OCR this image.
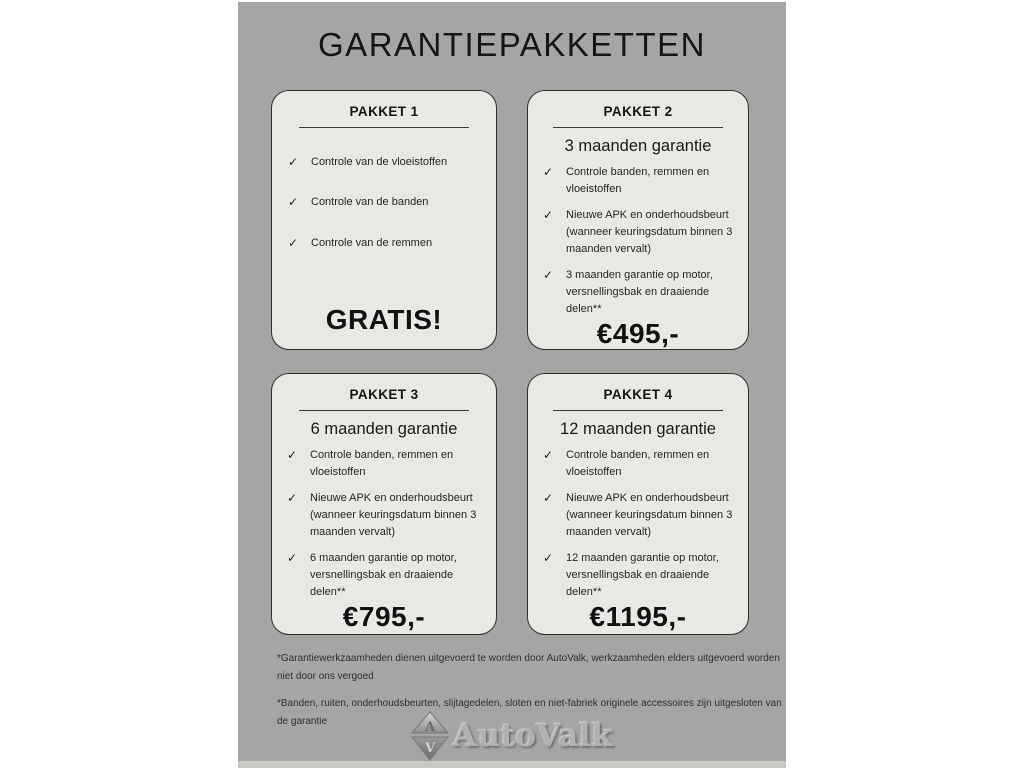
GARANTIEPAKKETTEN
PAKKET 1
✓	Controle van de vloeistoffen
✓	Controle van de banden
✓	Controle van de remmen
GRATIS!
PAKKET 2
3 maanden garantie
✓	Controle banden, remmen en vloeistoffen
✓	Nieuwe APK en onderhoudsbeurt (wanneer keuringsdatum binnen 3 maanden vervalt)
✓	3 maanden garantie op motor, versnellingsbak en draaiende delen**
€495,-
PAKKET 3
6 maanden garantie
✓	Controle banden, remmen en vloeistoffen
✓	Nieuwe APK en onderhoudsbeurt (wanneer keuringsdatum binnen 3 maanden vervalt)
✓	6 maanden garantie op motor, versnellingsbak en draaiende delen**
€795,-
PAKKET 4
12 maanden garantie
✓	Controle banden, remmen en vloeistoffen
✓	Nieuwe APK en onderhoudsbeurt (wanneer keuringsdatum binnen 3 maanden vervalt)
✓	12 maanden garantie op motor, versnellingsbak en draaiende delen**
€1195,-

*Garantiewerkzaamheden dienen uitgevoerd te worden door AutoValk, werkzaamheden elders uitgevoerd worden niet door ons vergoed

*Banden, ruiten, onderhoudsbeurten, slijtagedelen, sloten en niet-fabriek originele accessoires zijn uitgesloten van de garantie	A
V AutoValk
